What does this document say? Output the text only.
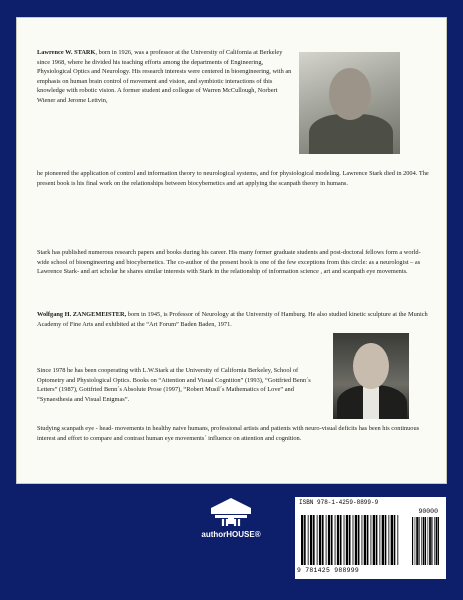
Lawrence W. STARK, born in 1926, was a professor at the University of California at Berkeley since 1968, where he divided his teaching efforts among the departments of Engineering, Physiological Optics and Neurology. His research interests were centered in bioengineering, with an emphasis on human brain control of movement and vision, and symbiotic interactions of this knowledge with robotic vision. A former student and collegue of Warren McCullough, Norbert Wiener and Jerome Lettvin,

he pioneered the application of control and information theory to neurological systems, and for physiological modeling. Lawrence Stark died in 2004. The present book is his final work on the relationships between biocybernetics and art applying the scanpath theory in humans.

Stark has published numerous research papers and books during his career. His many former graduate students and post-doctoral fellows form a world-wide school of bioengineering and biocybernetics. The co-author of the present book is one of the few exceptions from this circle: as a neurologist – as Lawrence Stark- and art scholar he shares similar interests with Stark in the relationship of information science , art and scanpath eye movements.

Wolfgang H. ZANGEMEISTER, born in 1945, is Professor of Neurology at the University of Hamburg. He also studied kinetic sculpture at the Munich Academy of Fine Arts and exhibited at the “Art Forum” Baden Baden, 1971.

Since 1978 he has been cooperating with L.W.Stark at the University of California Berkeley, School of Optometry and Physiological Optics. Books on “Attention and Visual Cognition” (1993), “Gottfried Benn´s Letters” (1987), Gottfried Benn´s Absolute Prose (1997), “Robert Musil´s Mathematics of Love” and “Synaesthesia and Visual Enigmas”.

Studying scanpath eye - head- movements in healthy naive humans, professional artists and patients with neuro-visual deficits has been his continuous interest and effort to compare and contrast human eye movements´ influence on attention and cognition.

authorHOUSE®
ISBN 978-1-4259-8899-9
90000
9 781425 988999
